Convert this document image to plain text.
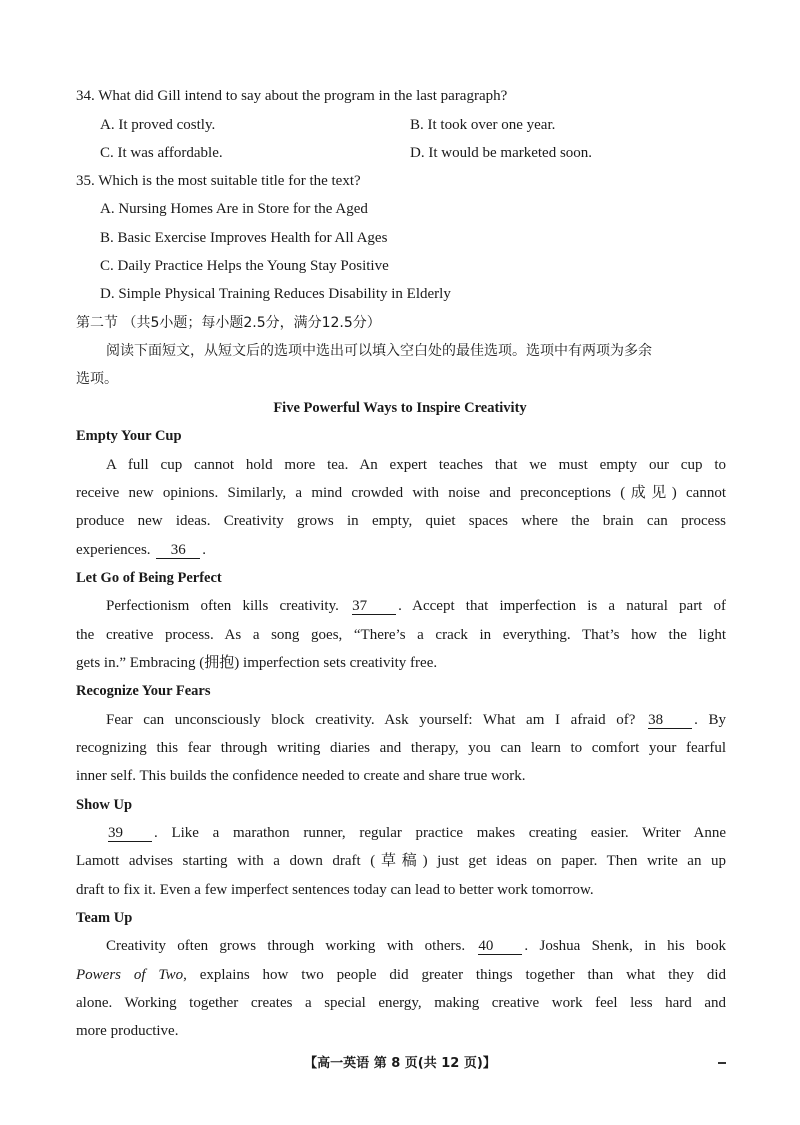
34. What did Gill intend to say about the program in the last paragraph?
A. It proved costly.	B. It took over one year.
C. It was affordable.	D. It would be marketed soon.
35. Which is the most suitable title for the text?
A. Nursing Homes Are in Store for the Aged
B. Basic Exercise Improves Health for All Ages
C. Daily Practice Helps the Young Stay Positive
D. Simple Physical Training Reduces Disability in Elderly
第二节 （共5小题；每小题2.5分，满分12.5分）
阅读下面短文，从短文后的选项中选出可以填入空白处的最佳选项。选项中有两项为多余
选项。
Five Powerful Ways to Inspire Creativity
Empty Your Cup
A full cup cannot hold more tea. An expert teaches that we must empty our cup to
receive new opinions. Similarly, a mind crowded with noise and preconceptions (成见) cannot
produce new ideas. Creativity grows in empty, quiet spaces where the brain can process
experiences. 36 .
Let Go of Being Perfect
Perfectionism often kills creativity. 37 . Accept that imperfection is a natural part of
the creative process. As a song goes, “There’s a crack in everything. That’s how the light
gets in.” Embracing (拥抱) imperfection sets creativity free.
Recognize Your Fears
Fear can unconsciously block creativity. Ask yourself: What am I afraid of? 38 . By
recognizing this fear through writing diaries and therapy, you can learn to comfort your fearful
inner self. This builds the confidence needed to create and share true work.
Show Up
39 . Like a marathon runner, regular practice makes creating easier. Writer Anne
Lamott advises starting with a down draft (草稿) just get ideas on paper. Then write an up
draft to fix it. Even a few imperfect sentences today can lead to better work tomorrow.
Team Up
Creativity often grows through working with others. 40 . Joshua Shenk, in his book
Powers of Two, explains how two people did greater things together than what they did
alone. Working together creates a special energy, making creative work feel less hard and
more productive.
【高一英语 第 8 页(共 12 页)】
